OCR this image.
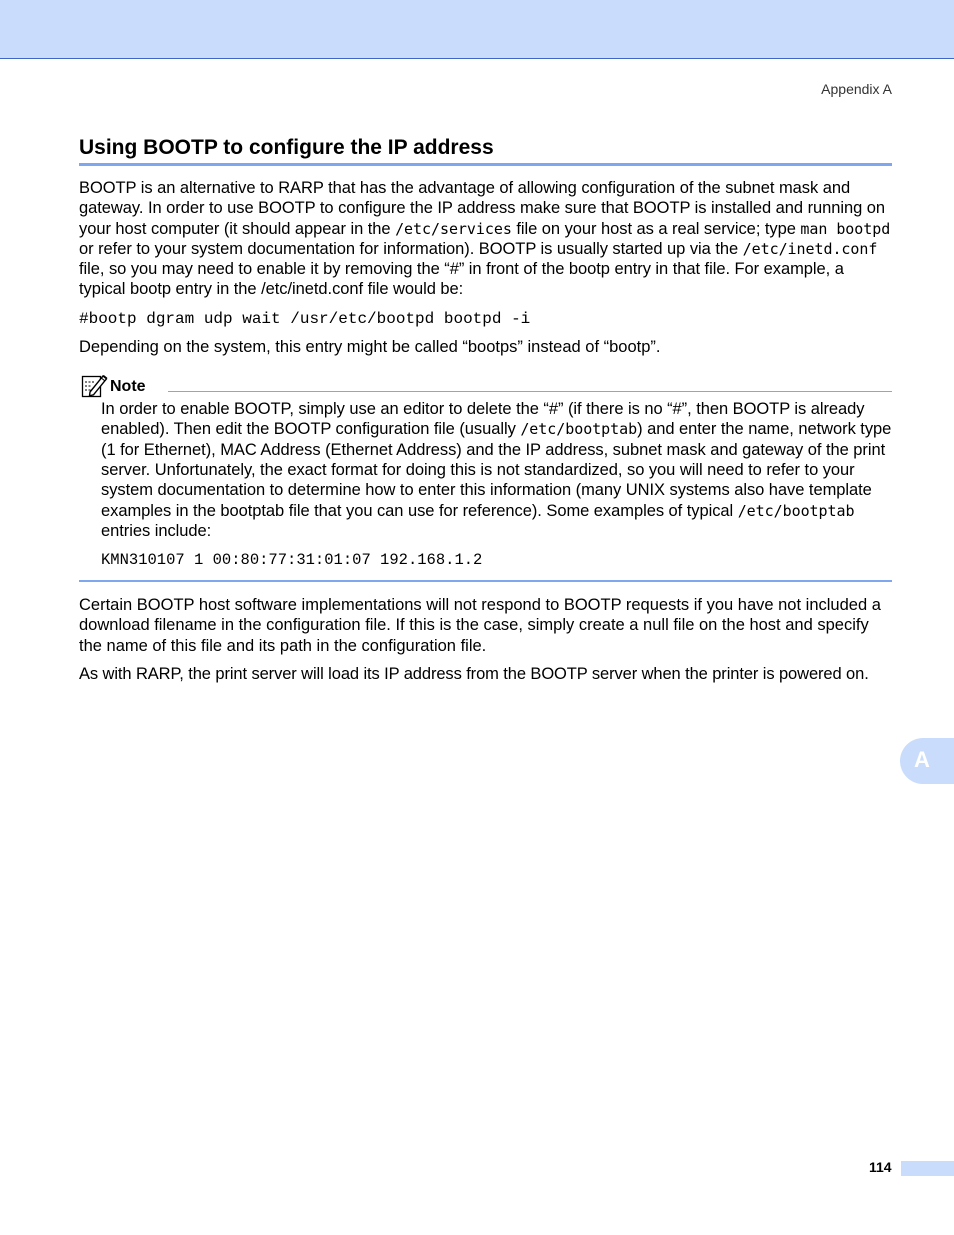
Appendix A
Using BOOTP to configure the IP address

BOOTP is an alternative to RARP that has the advantage of allowing configuration of the subnet mask and gateway. In order to use BOOTP to configure the IP address make sure that BOOTP is installed and running on your host computer (it should appear in the /etc/services file on your host as a real service; type man bootpd or refer to your system documentation for information). BOOTP is usually started up via the /etc/inetd.conf file, so you may need to enable it by removing the “#” in front of the bootp entry in that file. For example, a typical bootp entry in the /etc/inetd.conf file would be:

#bootp dgram udp wait /usr/etc/bootpd bootpd -i

Depending on the system, this entry might be called “bootps” instead of “bootp”.

Note

In order to enable BOOTP, simply use an editor to delete the “#” (if there is no “#”, then BOOTP is already enabled). Then edit the BOOTP configuration file (usually /etc/bootptab) and enter the name, network type (1 for Ethernet), MAC Address (Ethernet Address) and the IP address, subnet mask and gateway of the print server. Unfortunately, the exact format for doing this is not standardized, so you will need to refer to your system documentation to determine how to enter this information (many UNIX systems also have template examples in the bootptab file that you can use for reference). Some examples of typical /etc/bootptab entries include:

KMN310107 1 00:80:77:31:01:07 192.168.1.2

Certain BOOTP host software implementations will not respond to BOOTP requests if you have not included a download filename in the configuration file. If this is the case, simply create a null file on the host and specify the name of this file and its path in the configuration file.

As with RARP, the print server will load its IP address from the BOOTP server when the printer is powered on.

A
114
